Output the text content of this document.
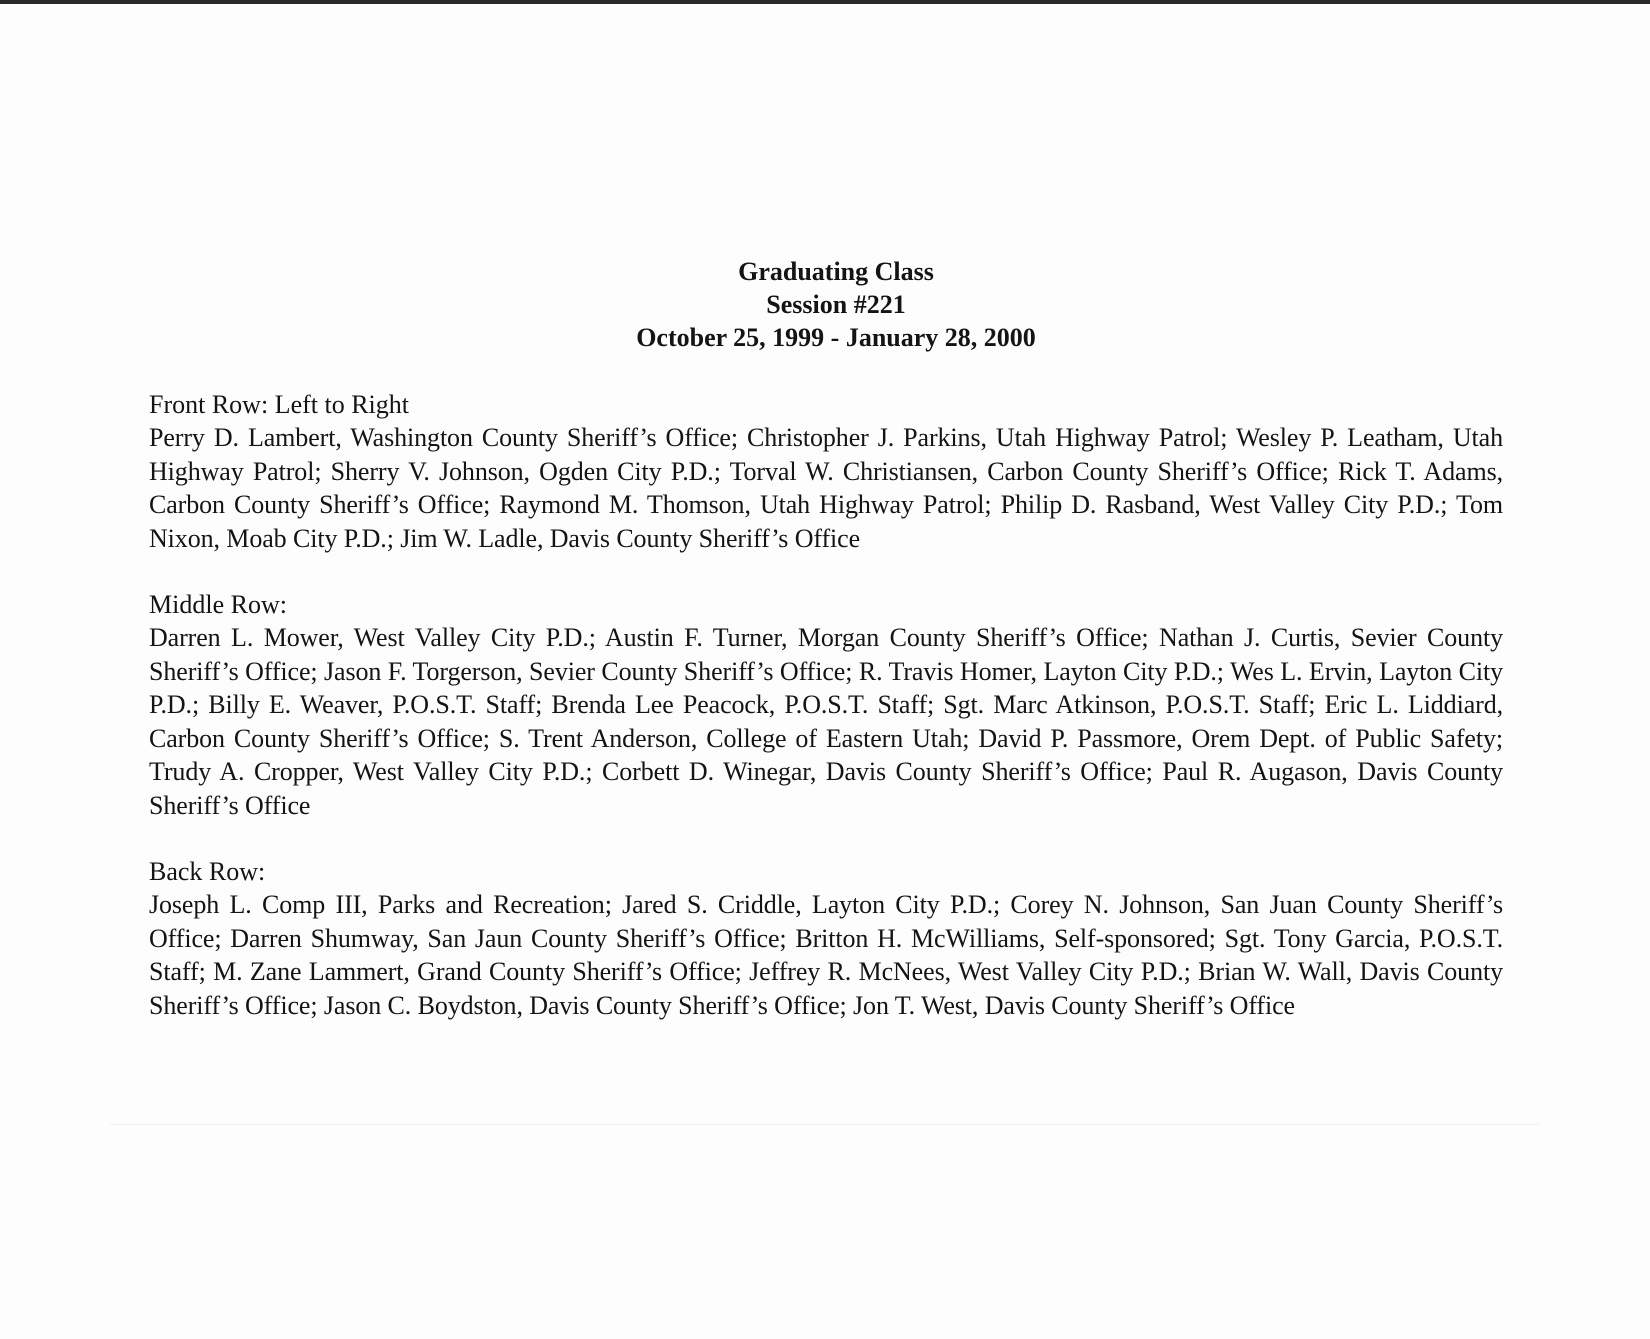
Graduating Class
Session #221
October 25, 1999 - January 28, 2000
Front Row: Left to Right
Perry D. Lambert, Washington County Sheriff’s Office; Christopher J. Parkins, Utah Highway Patrol; Wesley P. Leatham, Utah Highway Patrol; Sherry V. Johnson, Ogden City P.D.; Torval W. Christiansen, Carbon County Sheriff’s Office; Rick T. Adams, Carbon County Sheriff’s Office; Raymond M. Thomson, Utah Highway Patrol; Philip D. Rasband, West Valley City P.D.; Tom Nixon, Moab City P.D.; Jim W. Ladle, Davis County Sheriff’s Office
Middle Row:
Darren L. Mower, West Valley City P.D.; Austin F. Turner, Morgan County Sheriff’s Office; Nathan J. Curtis, Sevier County Sheriff’s Office; Jason F. Torgerson, Sevier County Sheriff’s Office; R. Travis Homer, Layton City P.D.; Wes L. Ervin, Layton City P.D.; Billy E. Weaver, P.O.S.T. Staff; Brenda Lee Peacock, P.O.S.T. Staff; Sgt. Marc Atkinson, P.O.S.T. Staff; Eric L. Liddiard, Carbon County Sheriff’s Office; S. Trent Anderson, College of Eastern Utah; David P. Passmore, Orem Dept. of Public Safety; Trudy A. Cropper, West Valley City P.D.; Corbett D. Winegar, Davis County Sheriff’s Office; Paul R. Augason, Davis County Sheriff’s Office
Back Row:
Joseph L. Comp III, Parks and Recreation; Jared S. Criddle, Layton City P.D.; Corey N. Johnson, San Juan County Sheriff’s Office; Darren Shumway, San Jaun County Sheriff’s Office; Britton H. McWilliams, Self-sponsored; Sgt. Tony Garcia, P.O.S.T. Staff; M. Zane Lammert, Grand County Sheriff’s Office; Jeffrey R. McNees, West Valley City P.D.; Brian W. Wall, Davis County Sheriff’s Office; Jason C. Boydston, Davis County Sheriff’s Office; Jon T. West, Davis County Sheriff’s Office
